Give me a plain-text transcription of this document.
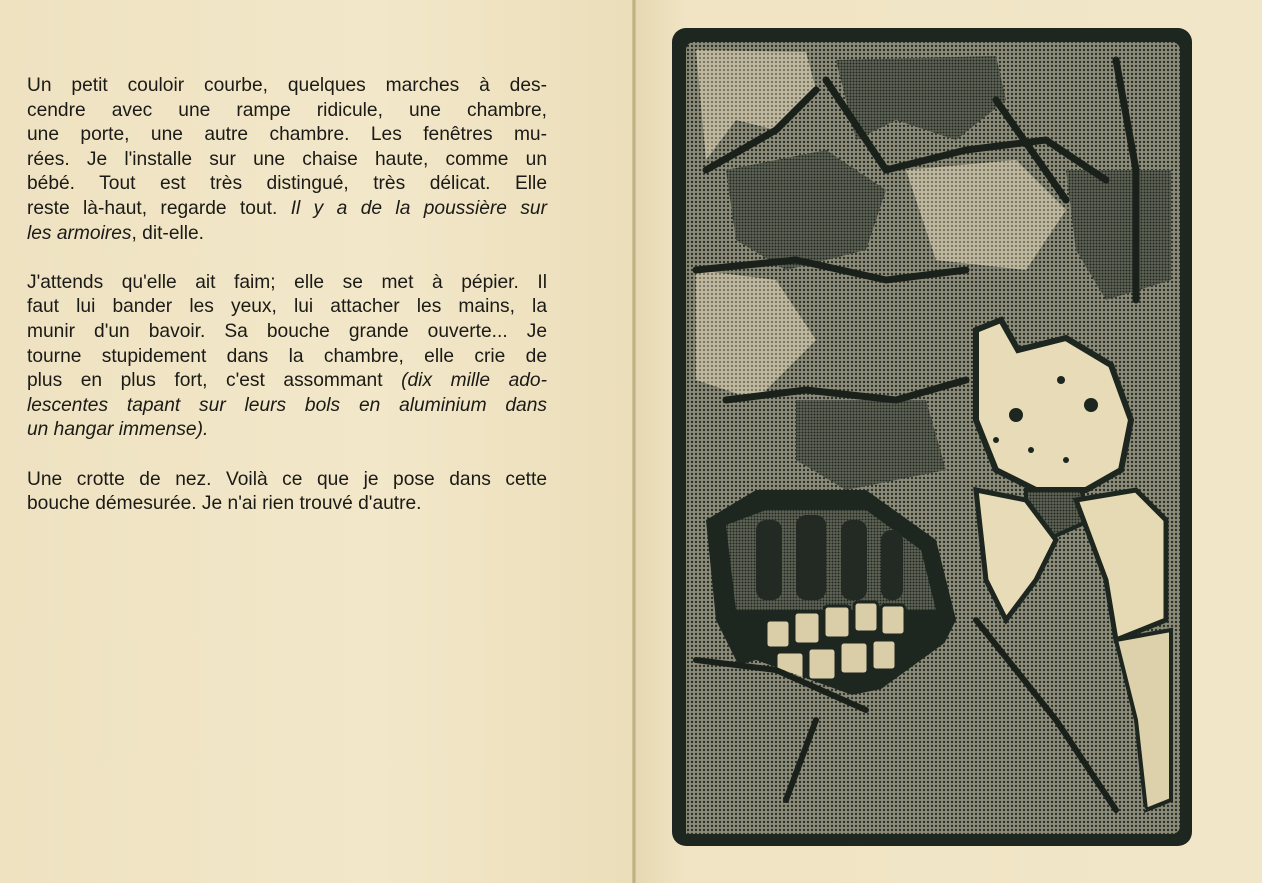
Un petit couloir courbe, quelques marches à des-
cendre avec une rampe ridicule, une chambre,
une porte, une autre chambre. Les fenêtres mu-
rées. Je l'installe sur une chaise haute, comme un
bébé. Tout est très distingué, très délicat. Elle
reste là-haut, regarde tout. Il y a de la poussière sur
les armoires, dit-elle.
J'attends qu'elle ait faim; elle se met à pépier. Il
faut lui bander les yeux, lui attacher les mains, la
munir d'un bavoir. Sa bouche grande ouverte... Je
tourne stupidement dans la chambre, elle crie de
plus en plus fort, c'est assommant (dix mille ado-
lescentes tapant sur leurs bols en aluminium dans
un hangar immense).
Une crotte de nez. Voilà ce que je pose dans cette
bouche démesurée. Je n'ai rien trouvé d'autre.
